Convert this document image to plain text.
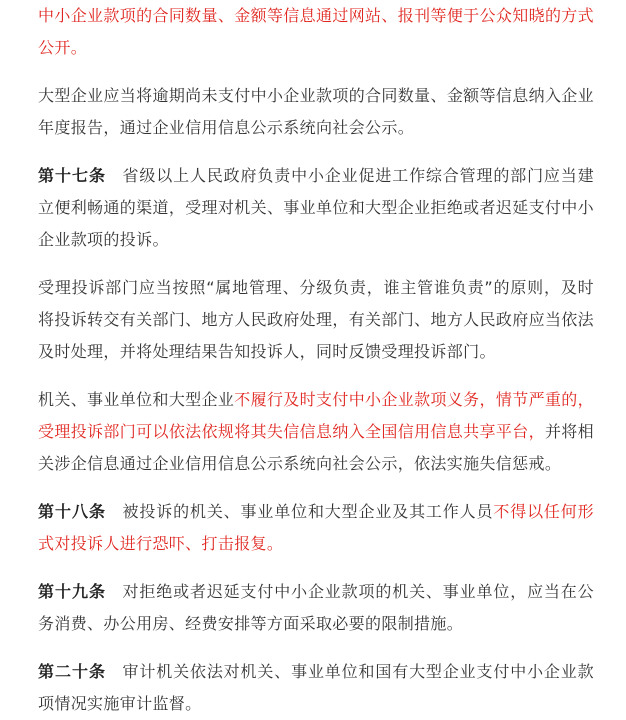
中小企业款项的合同数量、金额等信息通过网站、报刊等便于公众知晓的方式公开。

大型企业应当将逾期尚未支付中小企业款项的合同数量、金额等信息纳入企业年度报告，通过企业信用信息公示系统向社会公示。

第十七条 省级以上人民政府负责中小企业促进工作综合管理的部门应当建立便利畅通的渠道，受理对机关、事业单位和大型企业拒绝或者迟延支付中小企业款项的投诉。

受理投诉部门应当按照“属地管理、分级负责，谁主管谁负责”的原则，及时将投诉转交有关部门、地方人民政府处理，有关部门、地方人民政府应当依法及时处理，并将处理结果告知投诉人，同时反馈受理投诉部门。

机关、事业单位和大型企业不履行及时支付中小企业款项义务，情节严重的，受理投诉部门可以依法依规将其失信信息纳入全国信用信息共享平台，并将相关涉企信息通过企业信用信息公示系统向社会公示，依法实施失信惩戒。

第十八条 被投诉的机关、事业单位和大型企业及其工作人员不得以任何形式对投诉人进行恐吓、打击报复。

第十九条 对拒绝或者迟延支付中小企业款项的机关、事业单位，应当在公务消费、办公用房、经费安排等方面采取必要的限制措施。

第二十条 审计机关依法对机关、事业单位和国有大型企业支付中小企业款项情况实施审计监督。
